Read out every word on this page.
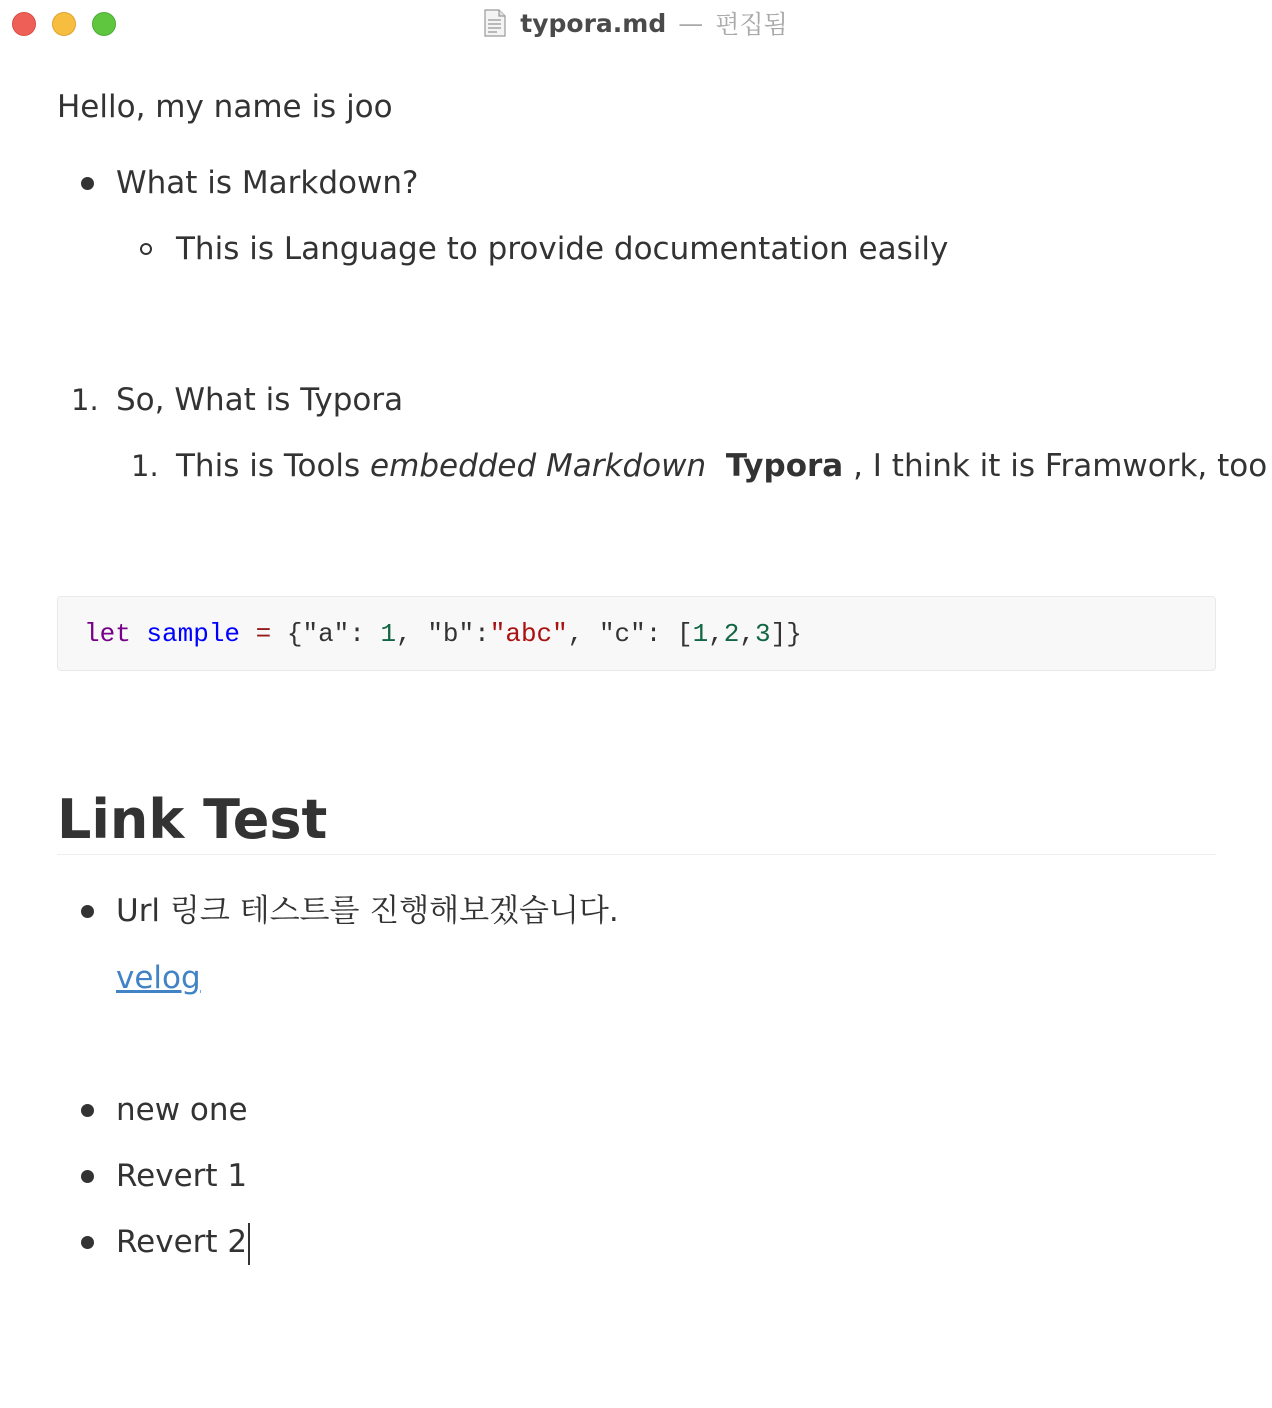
typora.md — 편집됨
Hello, my name is joo
What is Markdown?
This is Language to provide documentation easily
1. So, What is Typora
1. This is Tools embedded Markdown Typora , I think it is Framwork, too
let sample = {"a": 1, "b":"abc", "c": [1,2,3]}
Link Test
Url 링크 테스트를 진행해보겠습니다.
velog
new one
Revert 1
Revert 2
